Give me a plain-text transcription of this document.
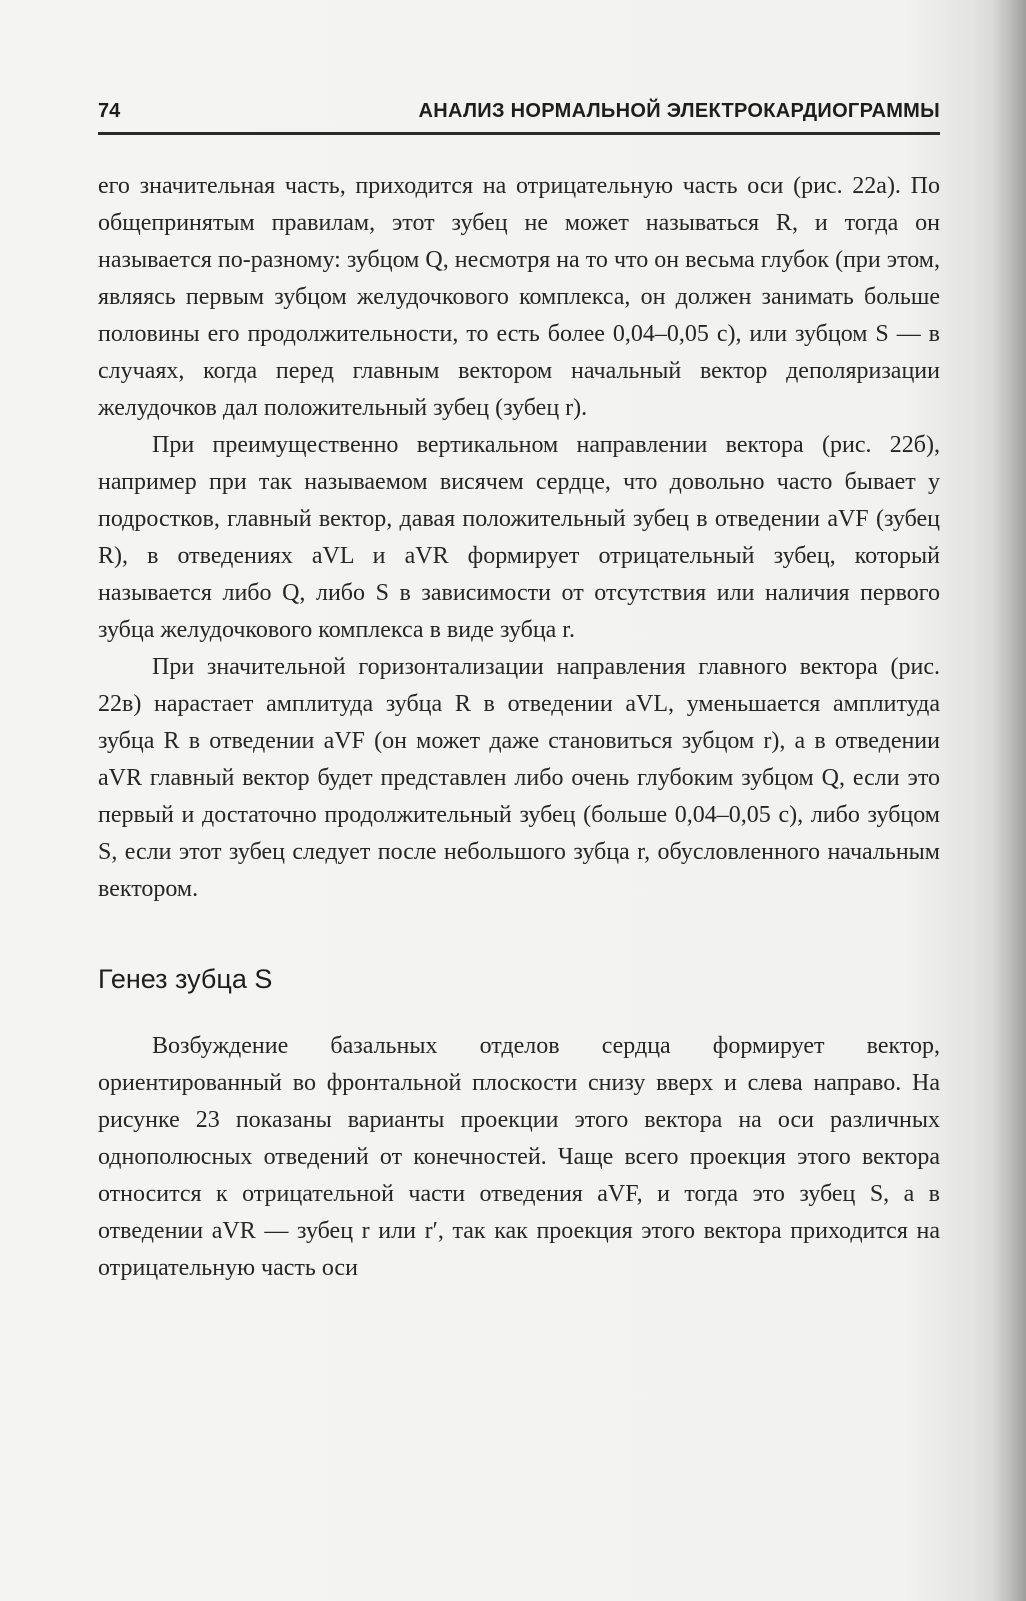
74	АНАЛИЗ НОРМАЛЬНОЙ ЭЛЕКТРОКАРДИОГРАММЫ

его значительная часть, приходится на отрицательную часть оси (рис. 22а). По общепринятым правилам, этот зубец не может называться R, и тогда он называется по-разному: зубцом Q, несмотря на то что он весьма глубок (при этом, являясь первым зубцом желудочкового комплекса, он должен занимать больше половины его продолжительности, то есть более 0,04–0,05 с), или зубцом S — в случаях, когда перед главным вектором начальный вектор деполяризации желудочков дал положительный зубец (зубец r).

При преимущественно вертикальном направлении вектора (рис. 22б), например при так называемом висячем сердце, что довольно часто бывает у подростков, главный вектор, давая положительный зубец в отведении aVF (зубец R), в отведениях aVL и aVR формирует отрицательный зубец, который называется либо Q, либо S в зависимости от отсутствия или наличия первого зубца желудочкового комплекса в виде зубца r.

При значительной горизонтализации направления главного вектора (рис. 22в) нарастает амплитуда зубца R в отведении aVL, уменьшается амплитуда зубца R в отведении aVF (он может даже становиться зубцом r), а в отведении aVR главный вектор будет представлен либо очень глубоким зубцом Q, если это первый и достаточно продолжительный зубец (больше 0,04–0,05 с), либо зубцом S, если этот зубец следует после небольшого зубца r, обусловленного начальным вектором.

Генез зубца S

Возбуждение базальных отделов сердца формирует вектор, ориентированный во фронтальной плоскости снизу вверх и слева направо. На рисунке 23 показаны варианты проекции этого вектора на оси различных однополюсных отведений от конечностей. Чаще всего проекция этого вектора относится к отрицательной части отведения aVF, и тогда это зубец S, а в отведении aVR — зубец r или r′, так как проекция этого вектора приходится на отрицательную часть оси
